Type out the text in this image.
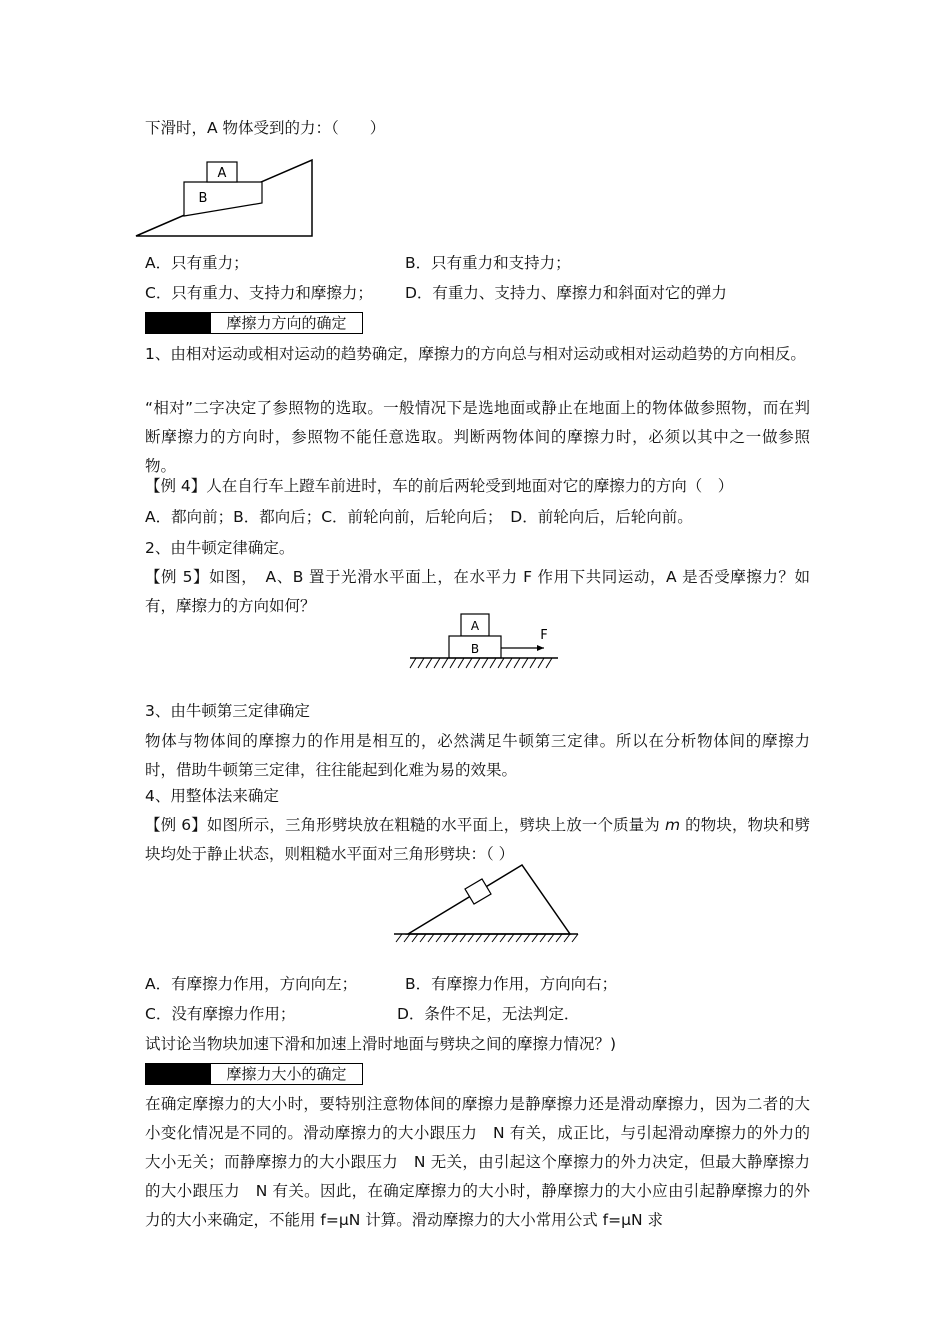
下滑时，A 物体受到的力：（　　）
A
B
A．只有重力；	B．只有重力和支持力；
C．只有重力、支持力和摩擦力； D．有重力、支持力、摩擦力和斜面对它的弹力
摩擦力方向的确定
1、由相对运动或相对运动的趋势确定，摩擦力的方向总与相对运动或相对运动趋势的方向相反。
“相对”二字决定了参照物的选取。一般情况下是选地面或静止在地面上的物体做参照物，而在判断摩擦力的方向时，参照物不能任意选取。判断两物体间的摩擦力时，必须以其中之一做参照物。
【例 4】人在自行车上蹬车前进时，车的前后两轮受到地面对它的摩擦力的方向（　）
A．都向前；B．都向后；C．前轮向前，后轮向后；　D．前轮向后，后轮向前。
2、由牛顿定律确定。
【例 5】如图，　A、B 置于光滑水平面上，在水平力 F 作用下共同运动，A 是否受摩擦力？如有，摩擦力的方向如何？
A
B
F
3、由牛顿第三定律确定
物体与物体间的摩擦力的作用是相互的，必然满足牛顿第三定律。所以在分析物体间的摩擦力时，借助牛顿第三定律，往往能起到化难为易的效果。
4、用整体法来确定
【例 6】如图所示，三角形劈块放在粗糙的水平面上，劈块上放一个质量为 m 的物块，物块和劈块均处于静止状态，则粗糙水平面对三角形劈块：（ ）
A．有摩擦力作用，方向向左；	B．有摩擦力作用，方向向右；
C．没有摩擦力作用；	D．条件不足，无法判定．
试讨论当物块加速下滑和加速上滑时地面与劈块之间的摩擦力情况？)
摩擦力大小的确定
在确定摩擦力的大小时，要特别注意物体间的摩擦力是静摩擦力还是滑动摩擦力，因为二者的大小变化情况是不同的。滑动摩擦力的大小跟压力　N 有关，成正比，与引起滑动摩擦力的外力的大小无关；而静摩擦力的大小跟压力　N 无关，由引起这个摩擦力的外力决定，但最大静摩擦力的大小跟压力　N 有关。因此，在确定摩擦力的大小时，静摩擦力的大小应由引起静摩擦力的外力的大小来确定，不能用 f=μN 计算。滑动摩擦力的大小常用公式 f=μN 求
